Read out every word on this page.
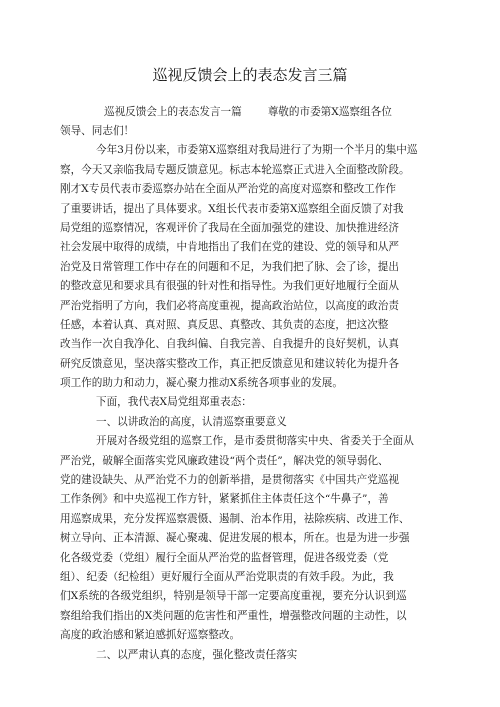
巡视反馈会上的表态发言三篇
巡视反馈会上的表态发言一篇 尊敬的市委第X巡察组各位
领导、同志们！
今年3月份以来，市委第X巡察组对我局进行了为期一个半月的集中巡
察，今天又亲临我局专题反馈意见。标志本轮巡察正式进入全面整改阶段。
刚才X专员代表市委巡察办站在全面从严治党的高度对巡察和整改工作作
了重要讲话，提出了具体要求。X组长代表市委第X巡察组全面反馈了对我
局党组的巡察情况，客观评价了我局在全面加强党的建设、加快推进经济
社会发展中取得的成绩，中肯地指出了我们在党的建设、党的领导和从严
治党及日常管理工作中存在的问题和不足，为我们把了脉、会了诊，提出
的整改意见和要求具有很强的针对性和指导性。为我们更好地履行全面从
严治党指明了方向，我们必将高度重视，提高政治站位，以高度的政治责
任感，本着认真、真对照、真反思、真整改、其负责的态度，把这次整
改当作一次自我净化、自我纠偏、自我完善、自我提升的良好契机，认真
研究反馈意见，坚决落实整改工作，真正把反馈意见和建议转化为提升各
项工作的助力和动力，凝心聚力推动X系统各项事业的发展。
下面，我代表X局党组郑重表态：
一、以讲政治的高度，认清巡察重要意义
开展对各级党组的巡察工作，是市委贯彻落实中央、省委关于全面从
严治党，破解全面落实党风廉政建设“两个责任”，解决党的领导弱化、
党的建设缺失、从严治党不力的创新举措，是贯彻落实《中国共产党巡视
工作条例》和中央巡视工作方针，紧紧抓住主体责任这个“牛鼻子”，善
用巡察成果，充分发挥巡察震慑、遏制、治本作用，祛除疾病、改进工作、
树立导向、正本清源、凝心聚魂、促进发展的根本，所在。也是为进一步强
化各级党委（党组）履行全面从严治党的监督管理，促进各级党委（党
组）、纪委（纪检组）更好履行全面从严治党职责的有效手段。为此，我
们X系统的各级党组织，特别是领导干部一定要高度重视，要充分认识到巡
察组给我们指出的X类问题的危害性和严重性，增强整改问题的主动性，以
高度的政治感和紧迫感抓好巡察整改。
二、以严肃认真的态度，强化整改责任落实
